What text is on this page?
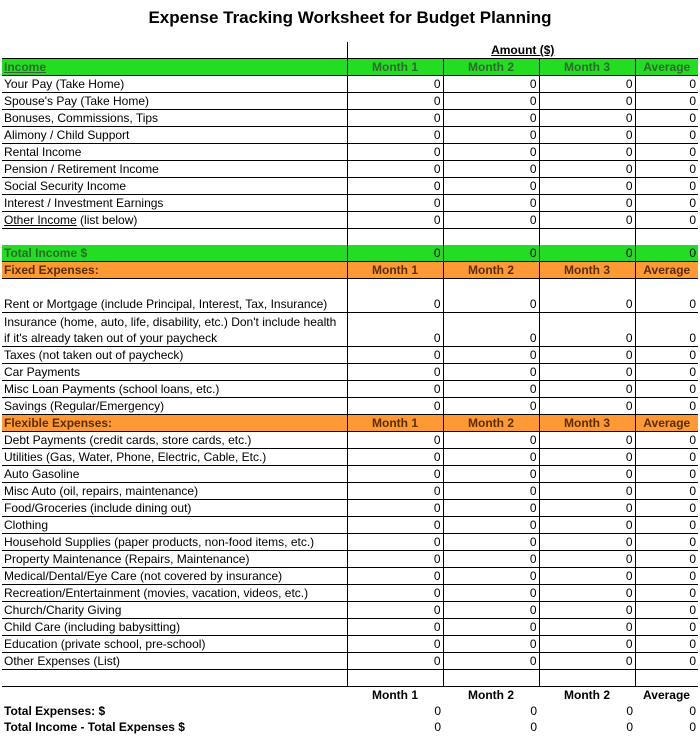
Expense Tracking Worksheet for Budget Planning
	Amount ($)			
Income	Month 1	Month 2	Month 3	Average
Your Pay (Take Home)	0	0	0	0
Spouse's Pay (Take Home)	0	0	0	0
Bonuses, Commissions, Tips	0	0	0	0
Alimony / Child Support	0	0	0	0
Rental Income	0	0	0	0
Pension / Retirement Income	0	0	0	0
Social Security Income	0	0	0	0
Interest / Investment Earnings	0	0	0	0
Other Income (list below)	0	0	0	0

Total Income $	0	0	0	0
Fixed Expenses:	Month 1	Month 2	Month 3	Average
Rent or Mortgage (include Principal, Interest, Tax, Insurance)	0	0	0	0
Insurance (home, auto, life, disability, etc.) Don't include health if it's already taken out of your paycheck	0	0	0	0
Taxes (not taken out of paycheck)	0	0	0	0
Car Payments	0	0	0	0
Misc Loan Payments (school loans, etc.)	0	0	0	0
Savings (Regular/Emergency)	0	0	0	0
Flexible Expenses:	Month 1	Month 2	Month 3	Average
Debt Payments (credit cards, store cards, etc.)	0	0	0	0
Utilities (Gas, Water, Phone, Electric, Cable, Etc.)	0	0	0	0
Auto Gasoline	0	0	0	0
Misc Auto (oil, repairs, maintenance)	0	0	0	0
Food/Groceries (include dining out)	0	0	0	0
Clothing	0	0	0	0
Household Supplies (paper products, non-food items, etc.)	0	0	0	0
Property Maintenance (Repairs, Maintenance)	0	0	0	0
Medical/Dental/Eye Care (not covered by insurance)	0	0	0	0
Recreation/Entertainment (movies, vacation, videos, etc.)	0	0	0	0
Church/Charity Giving	0	0	0	0
Child Care (including babysitting)	0	0	0	0
Education (private school, pre-school)	0	0	0	0
Other Expenses (List)	0	0	0	0

	Month 1	Month 2	Month 2	Average
Total Expenses: $	0	0	0	0
Total Income - Total Expenses $	0	0	0	0
